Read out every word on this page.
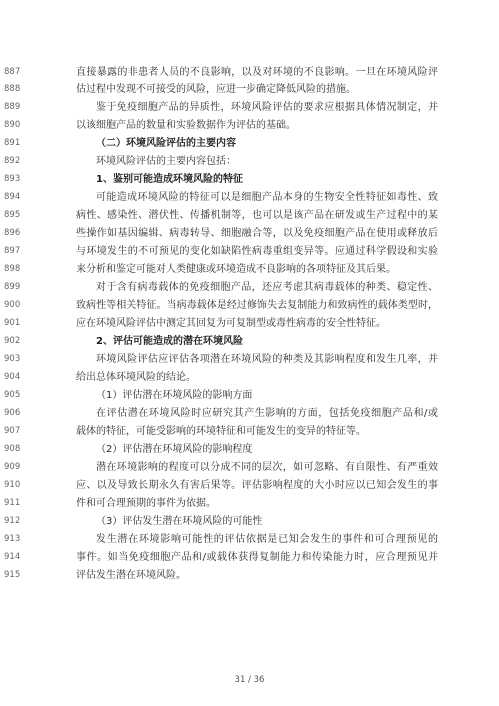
887	直接暴露的非患者人员的不良影响，以及对环境的不良影响。一旦在环境风险评
888	估过程中发现不可接受的风险，应进一步确定降低风险的措施。
889	鉴于免疫细胞产品的异质性，环境风险评估的要求应根据具体情况制定，并
890	以该细胞产品的数量和实验数据作为评估的基础。
891	（二）环境风险评估的主要内容
892	环境风险评估的主要内容包括：
893	1、鉴别可能造成环境风险的特征
894	可能造成环境风险的特征可以是细胞产品本身的生物安全性特征如毒性、致
895	病性、感染性、潜伏性、传播机制等，也可以是该产品在研发或生产过程中的某
896	些操作如基因编辑、病毒转导、细胞融合等，以及免疫细胞产品在使用或释放后
897	与环境发生的不可预见的变化如缺陷性病毒重组变异等。应通过科学假设和实验
898	来分析和鉴定可能对人类健康或环境造成不良影响的各项特征及其后果。
899	对于含有病毒载体的免疫细胞产品，还应考虑其病毒载体的种类、稳定性、
900	致病性等相关特征。当病毒载体是经过修饰失去复制能力和致病性的载体类型时，
901	应在环境风险评估中测定其回复为可复制型或毒性病毒的安全性特征。
902	2、评估可能造成的潜在环境风险
903	环境风险评估应评估各项潜在环境风险的种类及其影响程度和发生几率，并
904	给出总体环境风险的结论。
905	（1）评估潜在环境风险的影响方面
906	在评估潜在环境风险时应研究其产生影响的方面，包括免疫细胞产品和/或
907	载体的特征，可能受影响的环境特征和可能发生的变异的特征等。
908	（2）评估潜在环境风险的影响程度
909	潜在环境影响的程度可以分成不同的层次，如可忽略、有自限性、有严重效
910	应、以及导致长期永久有害后果等。评估影响程度的大小时应以已知会发生的事
911	件和可合理预期的事件为依据。
912	（3）评估发生潜在环境风险的可能性
913	发生潜在环境影响可能性的评估依据是已知会发生的事件和可合理预见的
914	事件。如当免疫细胞产品和/或载体获得复制能力和传染能力时，应合理预见并
915	评估发生潜在环境风险。
31 / 36
